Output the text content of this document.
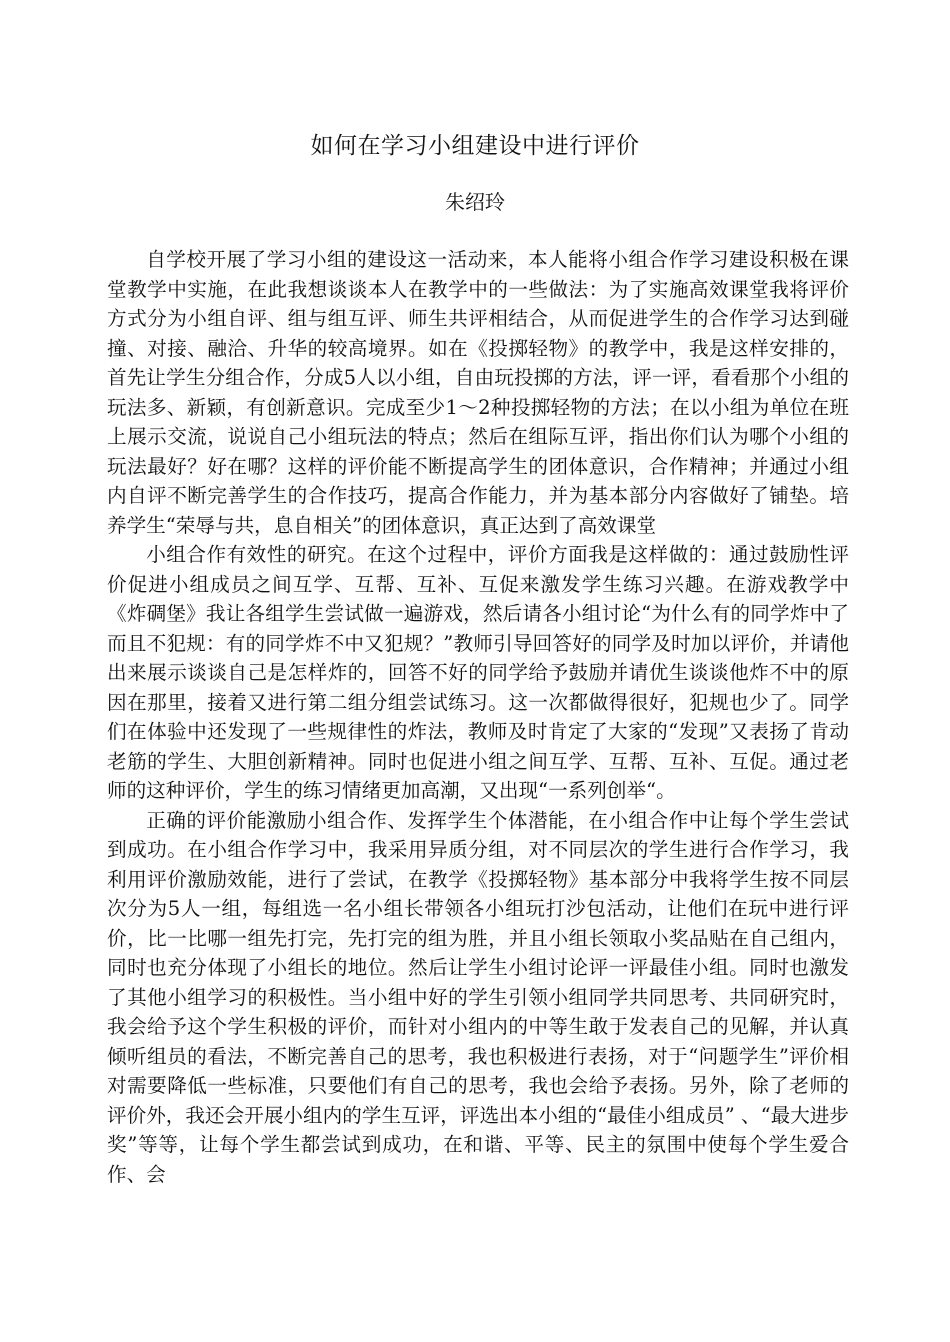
如何在学习小组建设中进行评价
朱绍玲

自学校开展了学习小组的建设这一活动来，本人能将小组合作学习建设积极在课堂教学中实施，在此我想谈谈本人在教学中的一些做法：为了实施高效课堂我将评价方式分为小组自评、组与组互评、师生共评相结合，从而促进学生的合作学习达到碰撞、对接、融洽、升华的较高境界。如在《投掷轻物》的教学中，我是这样安排的，首先让学生分组合作，分成5人以小组，自由玩投掷的方法，评一评，看看那个小组的玩法多、新颖，有创新意识。完成至少1～2种投掷轻物的方法；在以小组为单位在班上展示交流，说说自己小组玩法的特点；然后在组际互评，指出你们认为哪个小组的玩法最好？好在哪？这样的评价能不断提高学生的团体意识，合作精神；并通过小组内自评不断完善学生的合作技巧，提高合作能力，并为基本部分内容做好了铺垫。培养学生“荣辱与共，息自相关”的团体意识，真正达到了高效课堂

小组合作有效性的研究。在这个过程中，评价方面我是这样做的：通过鼓励性评价促进小组成员之间互学、互帮、互补、互促来激发学生练习兴趣。在游戏教学中《炸碉堡》我让各组学生尝试做一遍游戏，然后请各小组讨论“为什么有的同学炸中了而且不犯规：有的同学炸不中又犯规？”教师引导回答好的同学及时加以评价，并请他出来展示谈谈自己是怎样炸的，回答不好的同学给予鼓励并请优生谈谈他炸不中的原因在那里，接着又进行第二组分组尝试练习。这一次都做得很好，犯规也少了。同学们在体验中还发现了一些规律性的炸法，教师及时肯定了大家的“发现”又表扬了肯动老筋的学生、大胆创新精神。同时也促进小组之间互学、互帮、互补、互促。通过老师的这种评价，学生的练习情绪更加高潮，又出现“一系列创举“。

正确的评价能激励小组合作、发挥学生个体潜能，在小组合作中让每个学生尝试到成功。在小组合作学习中，我采用异质分组，对不同层次的学生进行合作学习，我利用评价激励效能，进行了尝试，在教学《投掷轻物》基本部分中我将学生按不同层次分为5人一组，每组选一名小组长带领各小组玩打沙包活动，让他们在玩中进行评价，比一比哪一组先打完，先打完的组为胜，并且小组长领取小奖品贴在自己组内，同时也充分体现了小组长的地位。然后让学生小组讨论评一评最佳小组。同时也激发了其他小组学习的积极性。当小组中好的学生引领小组同学共同思考、共同研究时，我会给予这个学生积极的评价，而针对小组内的中等生敢于发表自己的见解，并认真倾听组员的看法，不断完善自己的思考，我也积极进行表扬，对于“问题学生”评价相对需要降低一些标准，只要他们有自己的思考，我也会给予表扬。另外，除了老师的评价外，我还会开展小组内的学生互评，评选出本小组的“最佳小组成员” 、“最大进步奖”等等，让每个学生都尝试到成功，在和谐、平等、民主的氛围中使每个学生爱合作、会
